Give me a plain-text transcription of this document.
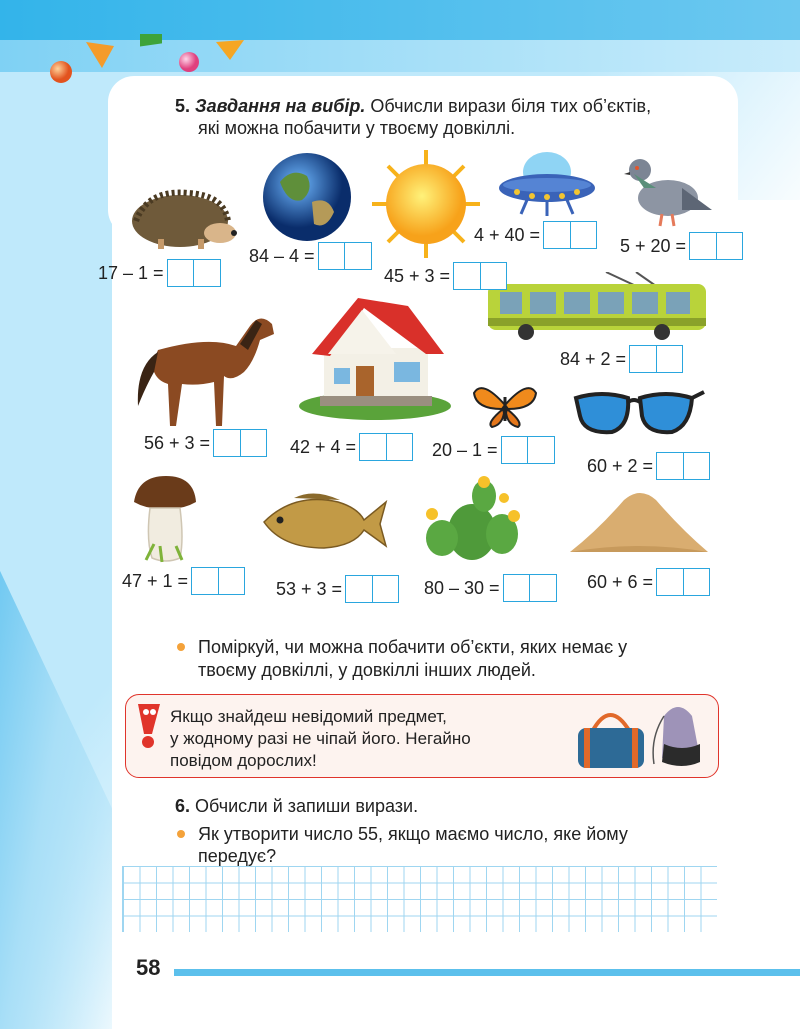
5. Завдання на вибір. Обчисли вирази біля тих об’єктів,
які можна побачити у твоєму довкіллі.
17 – 1 =
84 – 4 =
45 + 3 =
4 + 40 =
5 + 20 =
84 + 2 =
56 + 3 =	42 + 4 =	20 – 1 =
60 + 2 =
47 + 1 =	53 + 3 =	80 – 30 =	60 + 6 =
Поміркуй, чи можна побачити об’єкти, яких немає у
твоєму довкіллі, у довкіллі інших людей.
Якщо знайдеш невідомий предмет,
у жодному разі не чіпай його. Негайно
повідом дорослих!
6. Обчисли й запиши вирази.
Як утворити число 55, якщо маємо число, яке йому
передує?
58
